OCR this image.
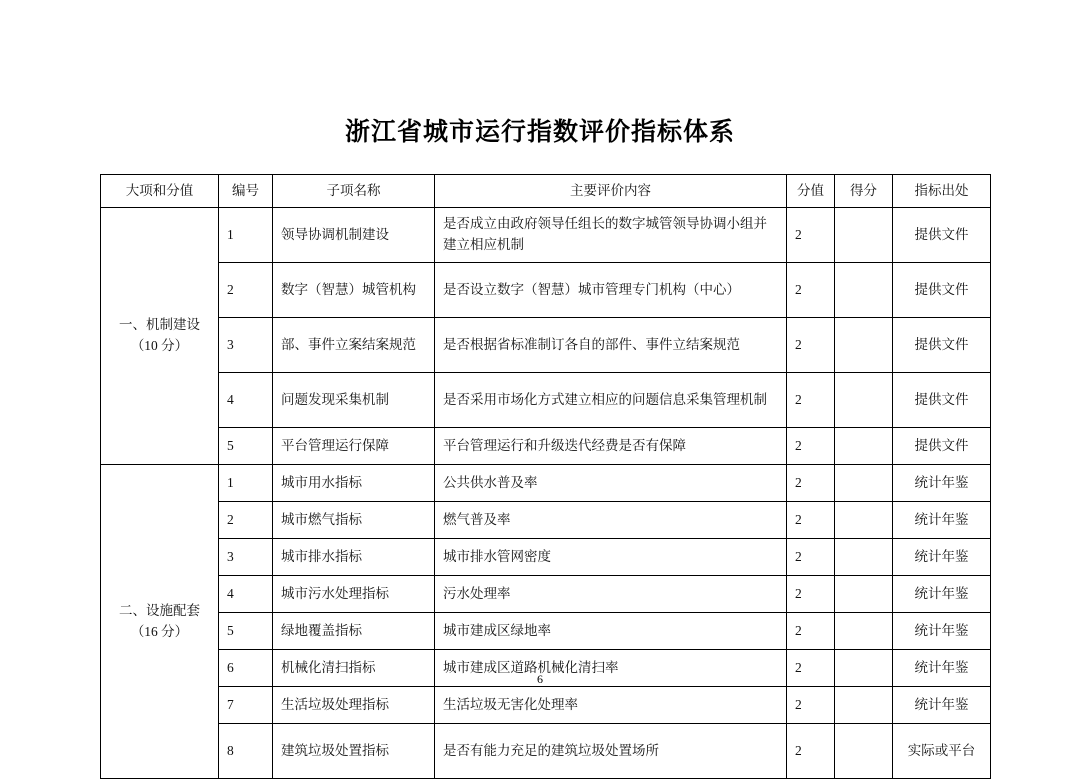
浙江省城市运行指数评价指标体系
大项和分值	编号	子项名称	主要评价内容	分值	得分	指标出处

一、机制建设
（10 分）	1	领导协调机制建设	是否成立由政府领导任组长的数字城管领导协调小组并建立相应机制	2		提供文件
	2	数字（智慧）城管机构	是否设立数字（智慧）城市管理专门机构（中心）	2		提供文件
	3	部、事件立案结案规范	是否根据省标准制订各自的部件、事件立结案规范	2		提供文件
	4	问题发现采集机制	是否采用市场化方式建立相应的问题信息采集管理机制	2		提供文件
	5	平台管理运行保障	平台管理运行和升级迭代经费是否有保障	2		提供文件

二、设施配套
（16 分）	1	城市用水指标	公共供水普及率	2		统计年鉴
	2	城市燃气指标	燃气普及率	2		统计年鉴
	3	城市排水指标	城市排水管网密度	2		统计年鉴
	4	城市污水处理指标	污水处理率	2		统计年鉴
	5	绿地覆盖指标	城市建成区绿地率	2		统计年鉴
	6	机械化清扫指标	城市建成区道路机械化清扫率	2		统计年鉴
	7	生活垃圾处理指标	生活垃圾无害化处理率	2		统计年鉴
	8	建筑垃圾处置指标	是否有能力充足的建筑垃圾处置场所	2		实际或平台
6
